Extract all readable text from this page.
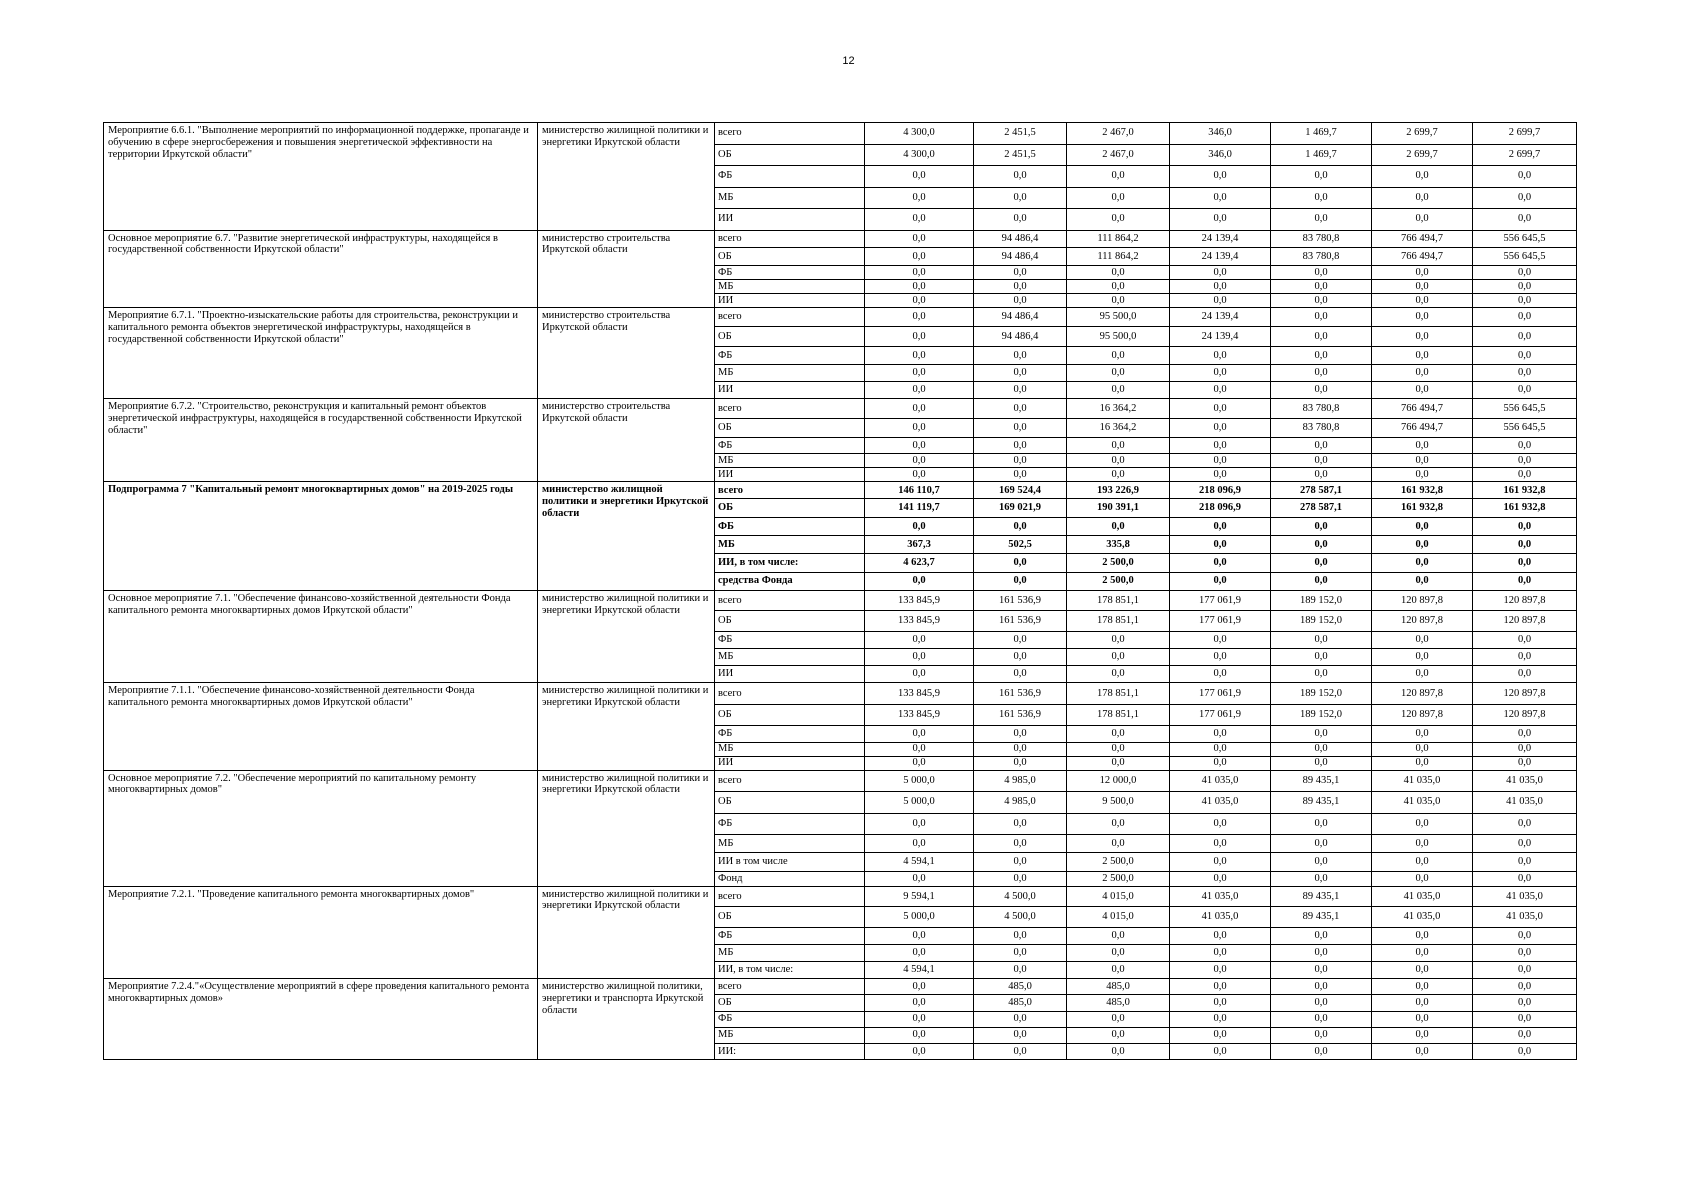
12
Мероприятие 6.6.1. "Выполнение мероприятий по информационной поддержке, пропаганде и обучению в сфере энергосбережения и повышения энергетической эффективности на территории Иркутской области"	министерство жилищной политики и энергетики Иркутской области	всего	4 300,0	2 451,5	2 467,0	346,0	1 469,7	2 699,7	2 699,7
		ОБ	4 300,0	2 451,5	2 467,0	346,0	1 469,7	2 699,7	2 699,7
		ФБ	0,0	0,0	0,0	0,0	0,0	0,0	0,0
		МБ	0,0	0,0	0,0	0,0	0,0	0,0	0,0
		ИИ	0,0	0,0	0,0	0,0	0,0	0,0	0,0
Основное мероприятие 6.7. "Развитие энергетической инфраструктуры, находящейся в государственной собственности Иркутской области"	министерство строительства Иркутской области	всего	0,0	94 486,4	111 864,2	24 139,4	83 780,8	766 494,7	556 645,5
		ОБ	0,0	94 486,4	111 864,2	24 139,4	83 780,8	766 494,7	556 645,5
		ФБ	0,0	0,0	0,0	0,0	0,0	0,0	0,0
		МБ	0,0	0,0	0,0	0,0	0,0	0,0	0,0
		ИИ	0,0	0,0	0,0	0,0	0,0	0,0	0,0
Мероприятие 6.7.1. "Проектно-изыскательские работы для строительства, реконструкции и капитального ремонта объектов энергетической инфраструктуры, находящейся в государственной собственности Иркутской области"	министерство строительства Иркутской области	всего	0,0	94 486,4	95 500,0	24 139,4	0,0	0,0	0,0
		ОБ	0,0	94 486,4	95 500,0	24 139,4	0,0	0,0	0,0
		ФБ	0,0	0,0	0,0	0,0	0,0	0,0	0,0
		МБ	0,0	0,0	0,0	0,0	0,0	0,0	0,0
		ИИ	0,0	0,0	0,0	0,0	0,0	0,0	0,0
Мероприятие 6.7.2. "Строительство, реконструкция и капитальный ремонт объектов энергетической инфраструктуры, находящейся в государственной собственности Иркутской области"	министерство строительства Иркутской области	всего	0,0	0,0	16 364,2	0,0	83 780,8	766 494,7	556 645,5
		ОБ	0,0	0,0	16 364,2	0,0	83 780,8	766 494,7	556 645,5
		ФБ	0,0	0,0	0,0	0,0	0,0	0,0	0,0
		МБ	0,0	0,0	0,0	0,0	0,0	0,0	0,0
		ИИ	0,0	0,0	0,0	0,0	0,0	0,0	0,0
Подпрограмма 7 "Капитальный ремонт многоквартирных домов" на 2019-2025 годы	министерство жилищной политики и энергетики Иркутской области	всего	146 110,7	169 524,4	193 226,9	218 096,9	278 587,1	161 932,8	161 932,8
		ОБ	141 119,7	169 021,9	190 391,1	218 096,9	278 587,1	161 932,8	161 932,8
		ФБ	0,0	0,0	0,0	0,0	0,0	0,0	0,0
		МБ	367,3	502,5	335,8	0,0	0,0	0,0	0,0
		ИИ, в том числе:	4 623,7	0,0	2 500,0	0,0	0,0	0,0	0,0
		средства Фонда	0,0	0,0	2 500,0	0,0	0,0	0,0	0,0
Основное мероприятие 7.1. "Обеспечение финансово-хозяйственной деятельности Фонда капитального ремонта многоквартирных домов Иркутской области"	министерство жилищной политики и энергетики Иркутской области	всего	133 845,9	161 536,9	178 851,1	177 061,9	189 152,0	120 897,8	120 897,8
		ОБ	133 845,9	161 536,9	178 851,1	177 061,9	189 152,0	120 897,8	120 897,8
		ФБ	0,0	0,0	0,0	0,0	0,0	0,0	0,0
		МБ	0,0	0,0	0,0	0,0	0,0	0,0	0,0
		ИИ	0,0	0,0	0,0	0,0	0,0	0,0	0,0
Мероприятие 7.1.1. "Обеспечение финансово-хозяйственной деятельности Фонда капитального ремонта многоквартирных домов Иркутской области"	министерство жилищной политики и энергетики Иркутской области	всего	133 845,9	161 536,9	178 851,1	177 061,9	189 152,0	120 897,8	120 897,8
		ОБ	133 845,9	161 536,9	178 851,1	177 061,9	189 152,0	120 897,8	120 897,8
		ФБ	0,0	0,0	0,0	0,0	0,0	0,0	0,0
		МБ	0,0	0,0	0,0	0,0	0,0	0,0	0,0
		ИИ	0,0	0,0	0,0	0,0	0,0	0,0	0,0
Основное мероприятие 7.2. "Обеспечение мероприятий по капитальному ремонту многоквартирных домов"	министерство жилищной политики и энергетики Иркутской области	всего	5 000,0	4 985,0	12 000,0	41 035,0	89 435,1	41 035,0	41 035,0
		ОБ	5 000,0	4 985,0	9 500,0	41 035,0	89 435,1	41 035,0	41 035,0
		ФБ	0,0	0,0	0,0	0,0	0,0	0,0	0,0
		МБ	0,0	0,0	0,0	0,0	0,0	0,0	0,0
		ИИ в том числе	4 594,1	0,0	2 500,0	0,0	0,0	0,0	0,0
		Фонд	0,0	0,0	2 500,0	0,0	0,0	0,0	0,0
Мероприятие 7.2.1. "Проведение капитального ремонта многоквартирных домов"	министерство жилищной политики и энергетики Иркутской области	всего	9 594,1	4 500,0	4 015,0	41 035,0	89 435,1	41 035,0	41 035,0
		ОБ	5 000,0	4 500,0	4 015,0	41 035,0	89 435,1	41 035,0	41 035,0
		ФБ	0,0	0,0	0,0	0,0	0,0	0,0	0,0
		МБ	0,0	0,0	0,0	0,0	0,0	0,0	0,0
		ИИ, в том числе:	4 594,1	0,0	0,0	0,0	0,0	0,0	0,0
Мероприятие 7.2.4."«Осуществление мероприятий в сфере проведения капитального ремонта многоквартирных домов»	министерство жилищной политики, энергетики и транспорта Иркутской области	всего	0,0	485,0	485,0	0,0	0,0	0,0	0,0
		ОБ	0,0	485,0	485,0	0,0	0,0	0,0	0,0
		ФБ	0,0	0,0	0,0	0,0	0,0	0,0	0,0
		МБ	0,0	0,0	0,0	0,0	0,0	0,0	0,0
		ИИ:	0,0	0,0	0,0	0,0	0,0	0,0	0,0
